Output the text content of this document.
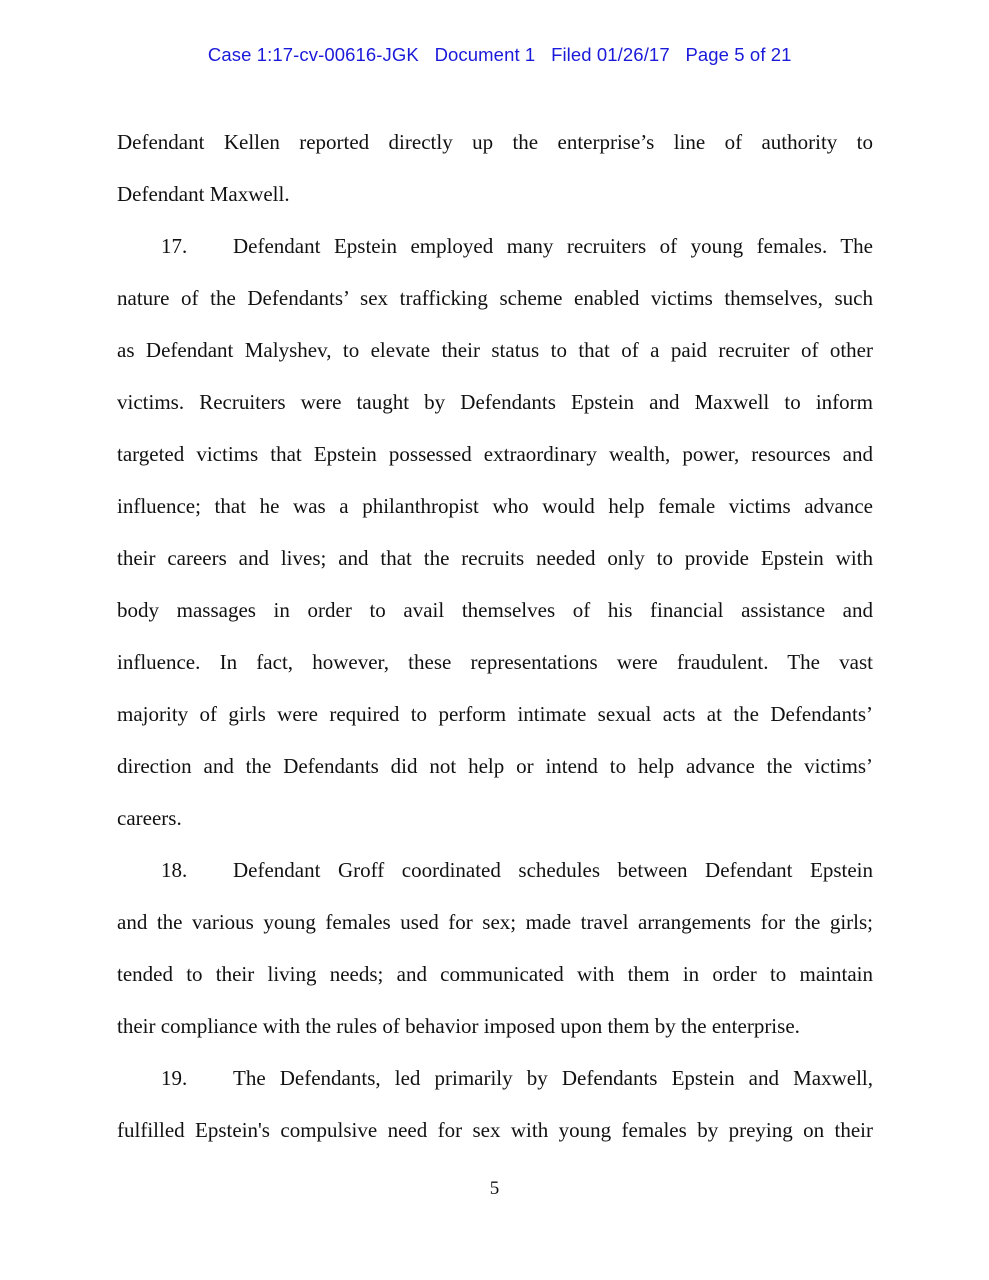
Case 1:17-cv-00616-JGK Document 1 Filed 01/26/17 Page 5 of 21

Defendant Kellen reported directly up the enterprise’s line of authority to
Defendant Maxwell.
17. Defendant Epstein employed many recruiters of young females. The
nature of the Defendants’ sex trafficking scheme enabled victims themselves, such
as Defendant Malyshev, to elevate their status to that of a paid recruiter of other
victims. Recruiters were taught by Defendants Epstein and Maxwell to inform
targeted victims that Epstein possessed extraordinary wealth, power, resources and
influence; that he was a philanthropist who would help female victims advance
their careers and lives; and that the recruits needed only to provide Epstein with
body massages in order to avail themselves of his financial assistance and
influence. In fact, however, these representations were fraudulent. The vast
majority of girls were required to perform intimate sexual acts at the Defendants’
direction and the Defendants did not help or intend to help advance the victims’
careers.
18. Defendant Groff coordinated schedules between Defendant Epstein
and the various young females used for sex; made travel arrangements for the girls;
tended to their living needs; and communicated with them in order to maintain
their compliance with the rules of behavior imposed upon them by the enterprise.
19. The Defendants, led primarily by Defendants Epstein and Maxwell,
fulfilled Epstein's compulsive need for sex with young females by preying on their
5
